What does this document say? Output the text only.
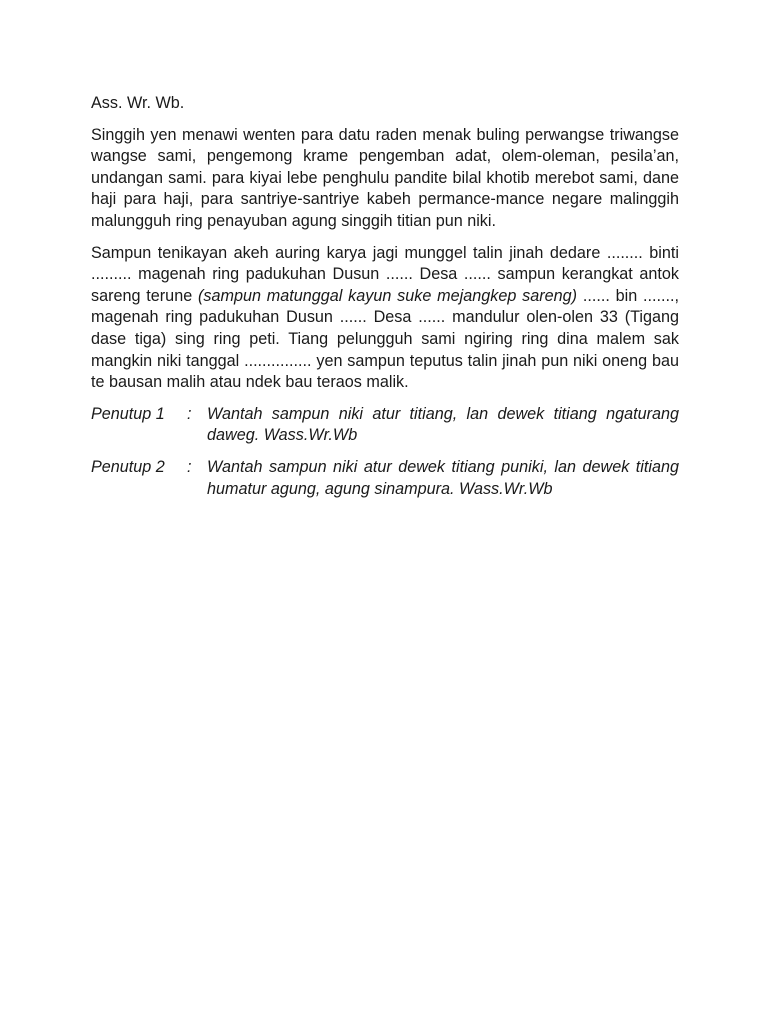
Ass. Wr. Wb.

Singgih yen menawi wenten para datu raden menak buling perwangse triwangse wangse sami, pengemong krame pengemban adat, olem-oleman, pesila’an, undangan sami. para kiyai lebe penghulu pandite bilal khotib merebot sami, dane haji para haji, para santriye-santriye kabeh permance-mance negare malinggih malungguh ring penayuban agung singgih titian pun niki.

Sampun tenikayan akeh auring karya jagi munggel talin jinah dedare ........ binti ......... magenah ring padukuhan Dusun ...... Desa ...... sampun kerangkat antok sareng terune (sampun matunggal kayun suke mejangkep sareng) ...... bin ......., magenah ring padukuhan Dusun ...... Desa ...... mandulur olen-olen 33 (Tigang dase tiga) sing ring peti. Tiang pelungguh sami ngiring ring dina malem sak mangkin niki tanggal ............... yen sampun teputus talin jinah pun niki oneng bau te bausan malih atau ndek bau teraos malik.

Penutup 1	: Wantah sampun niki atur titiang, lan dewek titiang ngaturang daweg. Wass.Wr.Wb
Penutup 2	: Wantah sampun niki atur dewek titiang puniki, lan dewek titiang humatur agung, agung sinampura. Wass.Wr.Wb
